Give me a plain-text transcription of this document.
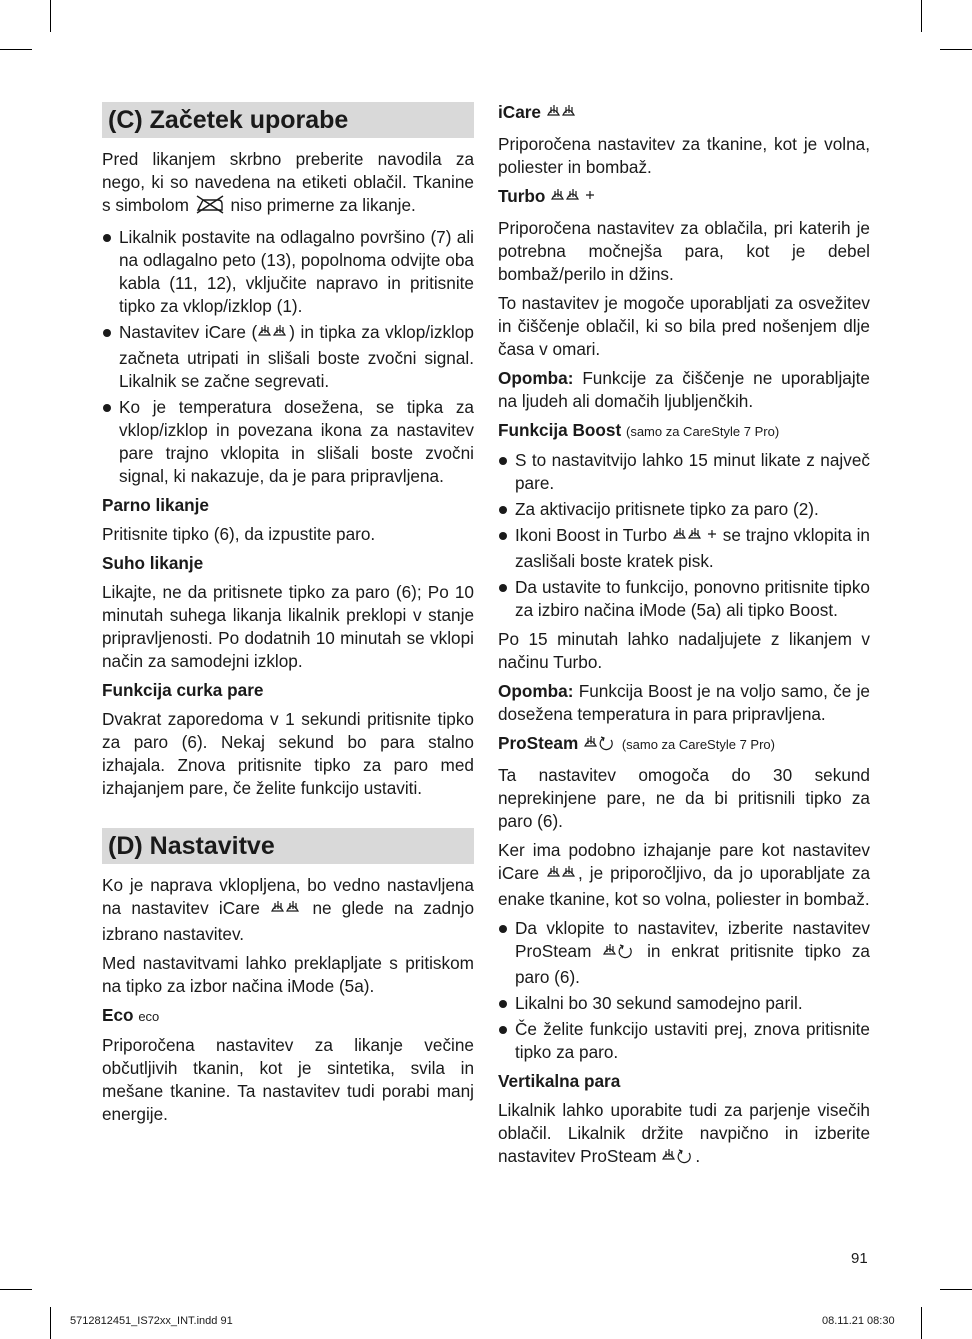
(C) Začetek uporabe

Pred likanjem skrbno preberite navodila za nego, ki so navedena na etiketi oblačil. Tkanine s simbolom niso primerne za likanje.

Likalnik postavite na odlagalno površino (7) ali na odlagalno peto (13), popolnoma odvijte oba kabla (11, 12), vključite napravo in pritisnite tipko za vklop/izklop (1).
Nastavitev iCare ( ) in tipka za vklop/izklop začneta utripati in slišali boste zvočni signal. Likalnik se začne segrevati.
Ko je temperatura dosežena, se tipka za vklop/izklop in povezana ikona za nastavitev pare trajno vklopita in slišali boste zvočni signal, ki nakazuje, da je para pripravljena.
Parno likanje

Pritisnite tipko (6), da izpustite paro.

Suho likanje

Likajte, ne da pritisnete tipko za paro (6); Po 10 minutah suhega likanja likalnik preklopi v stanje pripravljenosti. Po dodatnih 10 minutah se vklopi način za samodejni izklop.

Funkcija curka pare

Dvakrat zaporedoma v 1 sekundi pritisnite tipko za paro (6). Nekaj sekund bo para stalno izhajala. Znova pritisnite tipko za paro med izhajanjem pare, če želite funkcijo ustaviti.

(D) Nastavitve

Ko je naprava vklopljena, bo vedno nastavljena na nastavitev iCare	ne glede na zadnjo izbrano nastavitev.

Med nastavitvami lahko preklapljate s pritiskom na tipko za izbor načina iMode (5a).

Eco eco

Priporočena nastavitev za likanje večine občutljivih tkanin, kot je sintetika, svila in mešane tkanine. Ta nastavitev tudi porabi manj energije.

iCare

Priporočena nastavitev za tkanine, kot je volna, poliester in bombaž.

Turbo

Priporočena nastavitev za oblačila, pri katerih je potrebna močnejša para, kot je debel bombaž/perilo in džins.

To nastavitev je mogoče uporabljati za osvežitev in čiščenje oblačil, ki so bila pred nošenjem dlje časa v omari.

Opomba: Funkcije za čiščenje ne uporabljajte na ljudeh ali domačih ljubljenčkih.

Funkcija Boost (samo za CareStyle 7 Pro)
S to nastavitvijo lahko 15 minut likate z največ pare.
Za aktivacijo pritisnete tipko za paro (2).
Ikoni Boost in Turbo	se trajno vklopita in zaslišali boste kratek pisk.
Da ustavite to funkcijo, ponovno pritisnite tipko za izbiro načina iMode (5a) ali tipko Boost.

Po 15 minutah lahko nadaljujete z likanjem v načinu Turbo.

Opomba: Funkcija Boost je na voljo samo, če je dosežena temperatura in para pripravljena.

ProSteam	(samo za CareStyle 7 Pro)

Ta nastavitev omogoča do 30 sekund neprekinjene pare, ne da bi pritisnili tipko za paro (6).

Ker ima podobno izhajanje pare kot nastavitev iCare , je priporočljivo, da jo uporabljate za enake tkanine, kot so volna, poliester in bombaž.

Da vklopite to nastavitev, izberite nastavitev ProSteam	in enkrat pritisnite tipko za paro (6).
Likalni bo 30 sekund samodejno paril.
Če želite funkcijo ustaviti prej, znova pritisnite tipko za paro.
Vertikalna para

Likalnik lahko uporabite tudi za parjenje visečih oblačil. Likalnik držite navpično in izberite nastavitev ProSteam .

91
5712812451_IS72xx_INT.indd 91	08.11.21 08:30
